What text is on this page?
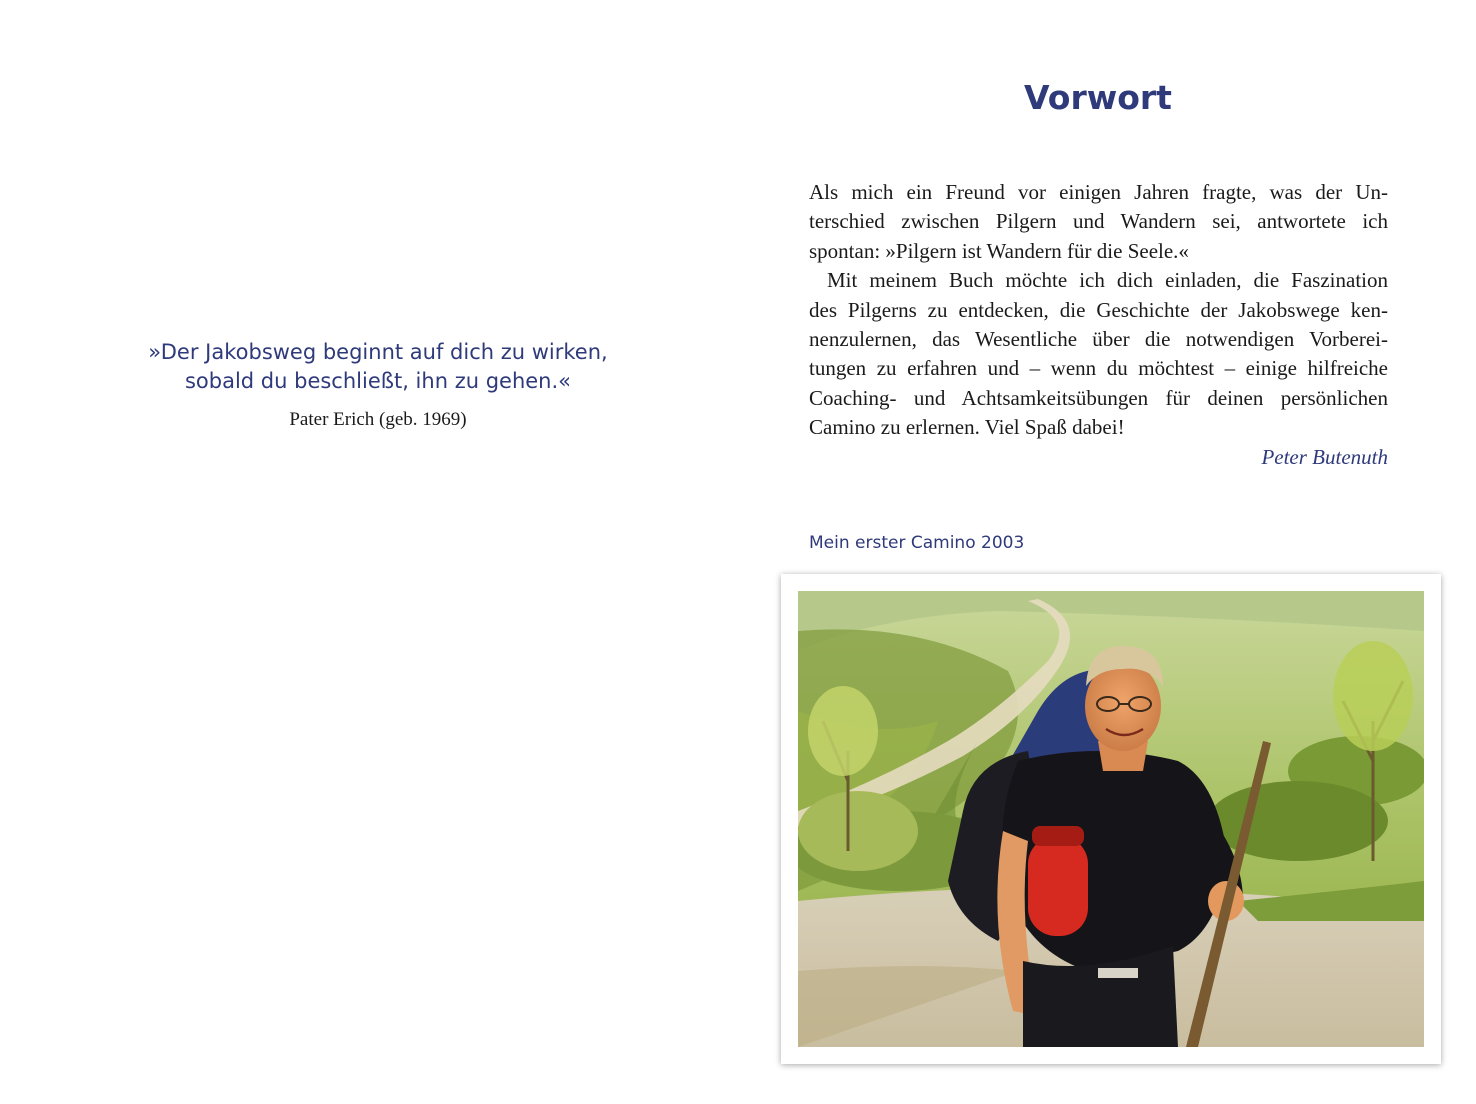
»Der Jakobsweg beginnt auf dich zu wirken,
sobald du beschließt, ihn zu gehen.«

Pater Erich (geb. 1969)
Vorwort
Als mich ein Freund vor einigen Jahren fragte, was der Un-
terschied zwischen Pilgern und Wandern sei, antwortete ich
spontan: »Pilgern ist Wandern für die Seele.«
Mit meinem Buch möchte ich dich einladen, die Faszination
des Pilgerns zu entdecken, die Geschichte der Jakobswege ken-
nenzulernen, das Wesentliche über die notwendigen Vorberei-
tungen zu erfahren und – wenn du möchtest – einige hilfreiche
Coaching- und Achtsamkeitsübungen für deinen persönlichen
Camino zu erlernen. Viel Spaß dabei!
Peter Butenuth
Mein erster Camino 2003
